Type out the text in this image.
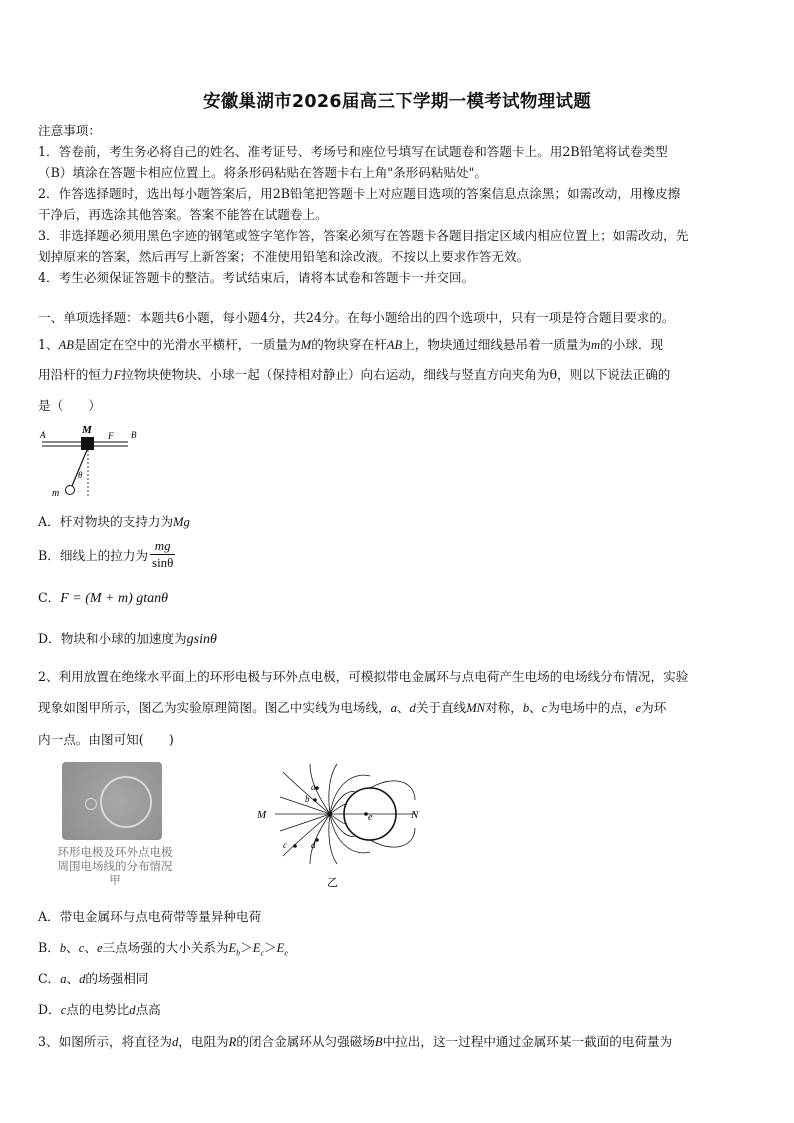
安徽巢湖市2026届高三下学期一模考试物理试题
注意事项：
1．答卷前，考生务必将自己的姓名、准考证号、考场号和座位号填写在试题卷和答题卡上。用2B铅笔将试卷类型
（B）填涂在答题卡相应位置上。将条形码粘贴在答题卡右上角"条形码粘贴处"。
2．作答选择题时，选出每小题答案后，用2B铅笔把答题卡上对应题目选项的答案信息点涂黑；如需改动，用橡皮擦
干净后，再选涂其他答案。答案不能答在试题卷上。
3．非选择题必须用黑色字迹的钢笔或签字笔作答，答案必须写在答题卡各题目指定区域内相应位置上；如需改动，先
划掉原来的答案，然后再写上新答案；不准使用铅笔和涂改液。不按以上要求作答无效。
4．考生必须保证答题卡的整洁。考试结束后，请将本试卷和答题卡一并交回。
一、单项选择题：本题共6小题，每小题4分，共24分。在每小题给出的四个选项中，只有一项是符合题目要求的。
1、AB是固定在空中的光滑水平横杆，一质量为M的物块穿在杆AB上，物块通过细线悬吊着一质量为m的小球．现
用沿杆的恒力F拉物块使物块、小球一起（保持相对静止）向右运动，细线与竖直方向夹角为θ，则以下说法正确的
是（　　）
A	B
M F
m
θ
A．杆对物块的支持力为Mg
B．细线上的拉力为 $\frac{mg}{\sin\theta}$
C．F = (M + m) gtanθ
D．物块和小球的加速度为gsinθ
2、利用放置在绝缘水平面上的环形电极与环外点电极，可模拟带电金属环与点电荷产生电场的电场线分布情况，实验
现象如图甲所示，图乙为实验原理简图。图乙中实线为电场线，a、d关于直线MN对称，b、c为电场中的点，e为环
内一点。由图可知(　　)
环形电极及环外点电极
周围电场线的分布情况
甲
M	N
a
b
c	d
e
乙
A．带电金属环与点电荷带等量异种电荷
B．b、c、e三点场强的大小关系为$E_b>E_c>E_e$
C．a、d的场强相同
D．c点的电势比d点高
3、如图所示，将直径为d，电阻为R的闭合金属环从匀强磁场B中拉出，这一过程中通过金属环某一截面的电荷量为
